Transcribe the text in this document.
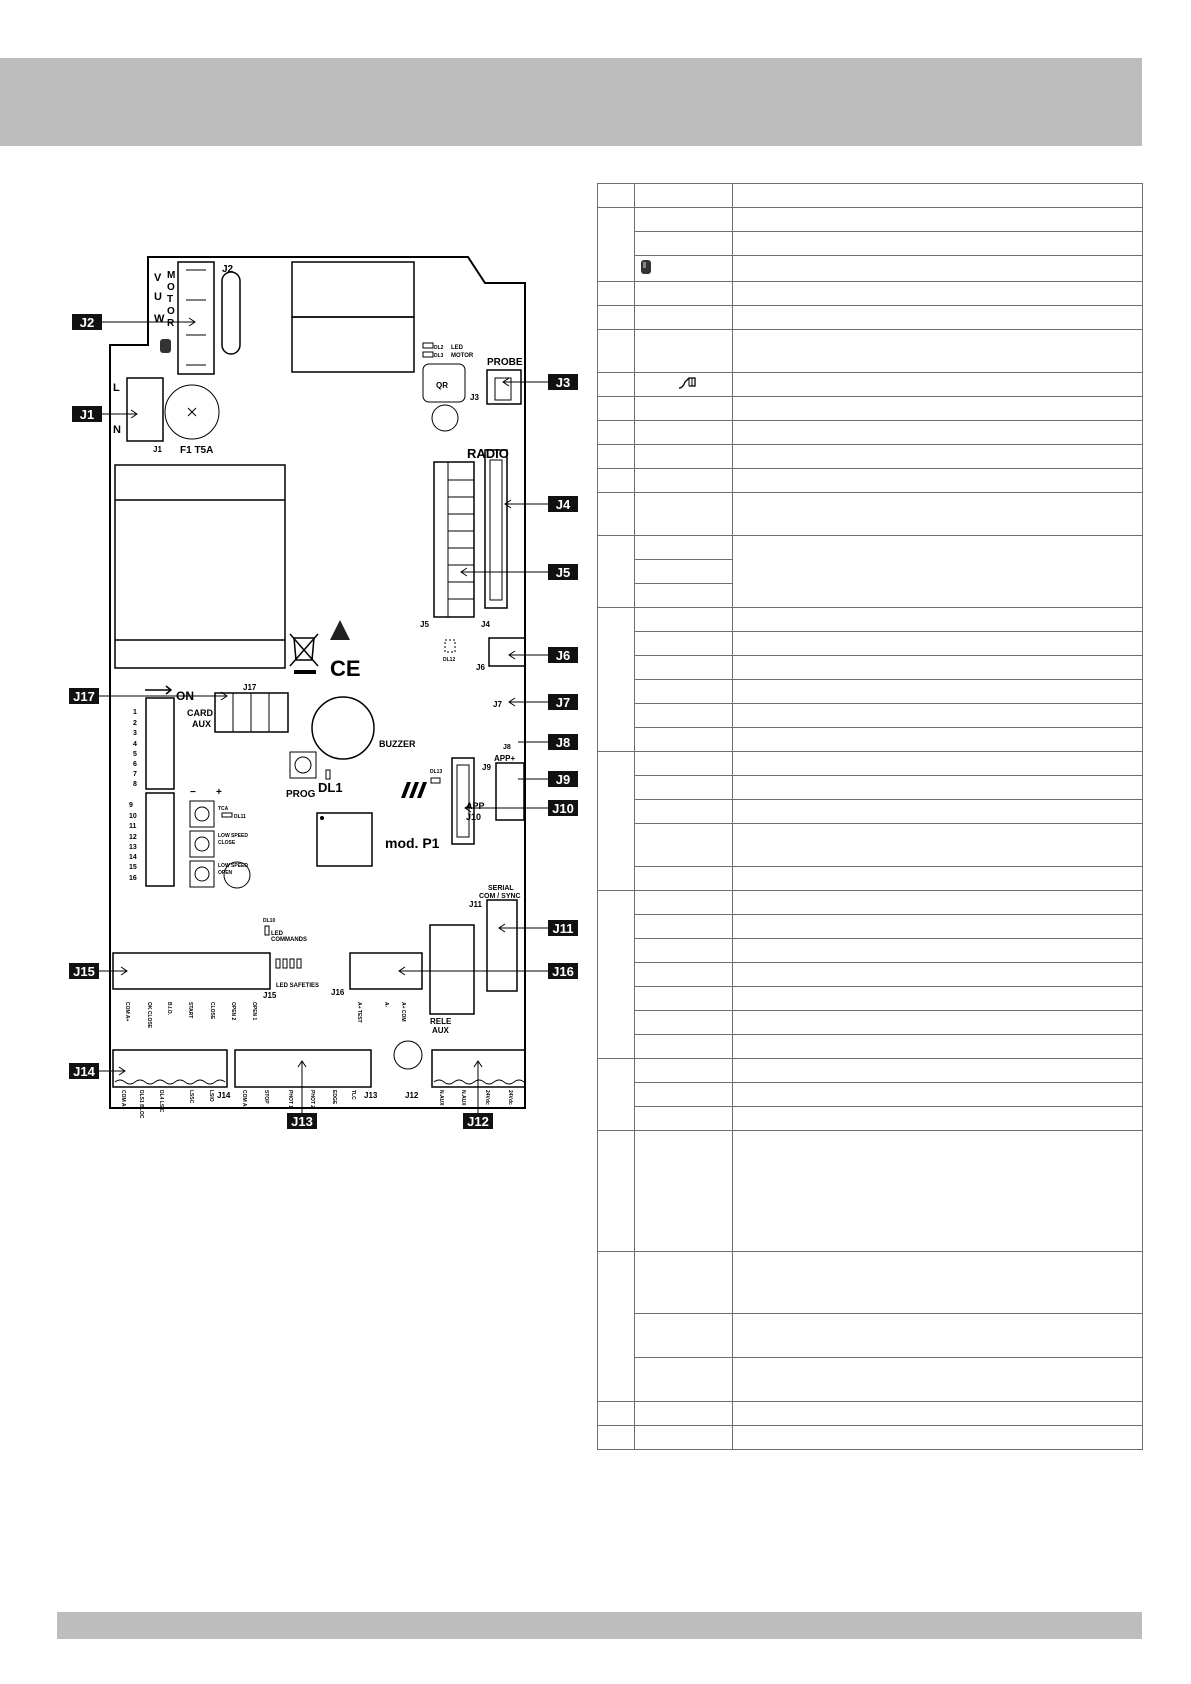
J2
V
U
W
M
O
T
O
R
L
N
J1 F1 T5A
DL2
DL3
LED
MOTOR
QR
PROBE
J3
RADIO
J5	J4
CE	DL12
J6
J7
J8
ON
J17
CARD
AUX
1
2
3
4
5
6
7
8
9
10
11
12
13
14
15
16
BUZZER
PROG DL1
− +
TCA
DL11
LOW SPEED
CLOSE
LOW SPEED
OPEN
mod. P1
DL13
APP
J10
APP+
J9
SERIAL
COM / SYNC
J11
RELE
AUX
DL10
LED
COMMANDS
LED SAFETIES
J15
COM A+	OK CLOSE	B.I.O.	START	CLOSE	OPEN 2	OPEN 1
J16
A+ TEST	A- A+ COM
J14
COM A+ DLS1 BLOC	DL4 LSIC	LSSC	LSIO	J13
COM A+	STOP	PHOT 1	PHOT 2	EDGE	TLC	J12	N.AUX	N.AUX	24Vdc	24Vdc +
J2
J1
J3
J4
J5
J6
J7
J8
J9
J10
J11
J16
J15
J14
J13	J12
J17
